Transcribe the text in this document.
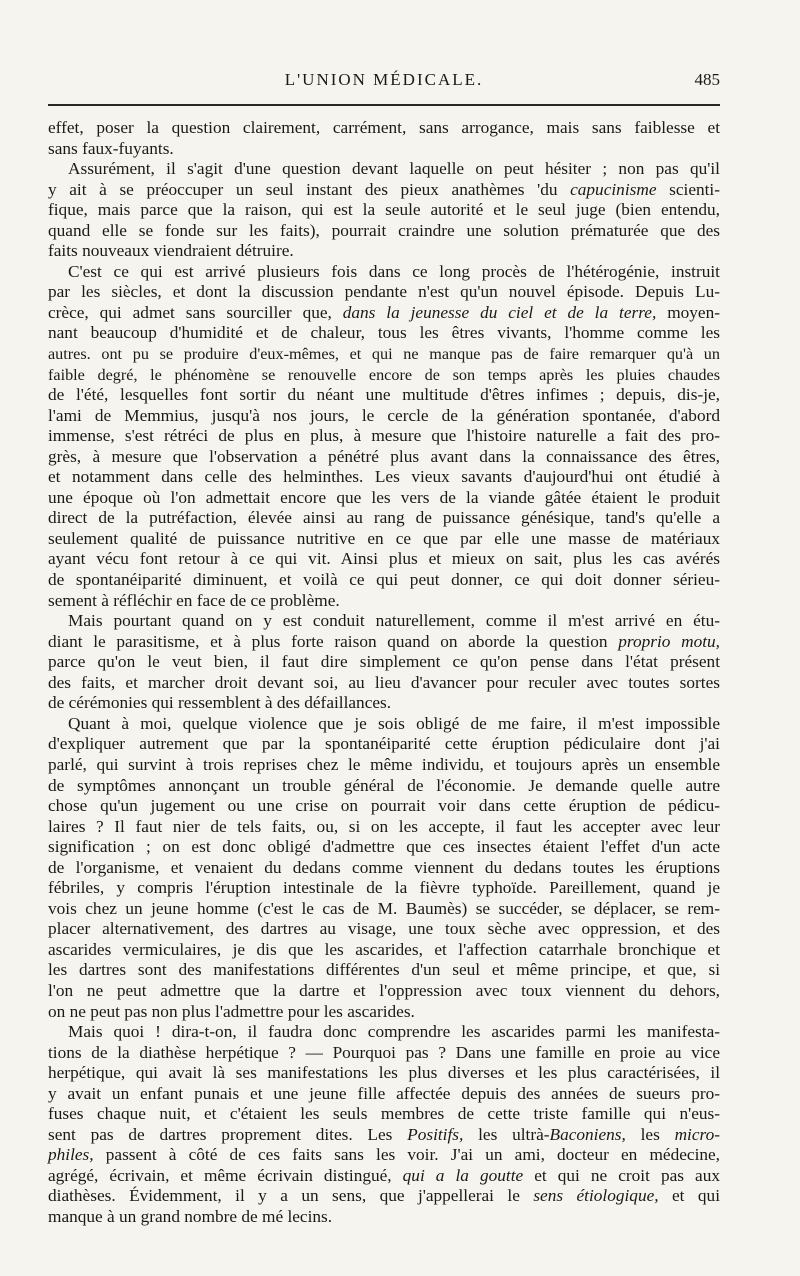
L'UNION MÉDICALE.	485
effet, poser la question clairement, carrément, sans arrogance, mais sans faiblesse et
sans faux-fuyants.
Assurément, il s'agit d'une question devant laquelle on peut hésiter ; non pas qu'il
y ait à se préoccuper un seul instant des pieux anathèmes 'du capucinisme scienti-
fique, mais parce que la raison, qui est la seule autorité et le seul juge (bien entendu,
quand elle se fonde sur les faits), pourrait craindre une solution prématurée que des
faits nouveaux viendraient détruire.
C'est ce qui est arrivé plusieurs fois dans ce long procès de l'hétérogénie, instruit
par les siècles, et dont la discussion pendante n'est qu'un nouvel épisode. Depuis Lu-
crèce, qui admet sans sourciller que, dans la jeunesse du ciel et de la terre, moyen-
nant beaucoup d'humidité et de chaleur, tous les êtres vivants, l'homme comme les
autres. ont pu se produire d'eux-mêmes, et qui ne manque pas de faire remarquer qu'à un
faible degré, le phénomène se renouvelle encore de son temps après les pluies chaudes
de l'été, lesquelles font sortir du néant une multitude d'êtres infimes ; depuis, dis-je,
l'ami de Memmius, jusqu'à nos jours, le cercle de la génération spontanée, d'abord
immense, s'est rétréci de plus en plus, à mesure que l'histoire naturelle a fait des pro-
grès, à mesure que l'observation a pénétré plus avant dans la connaissance des êtres,
et notamment dans celle des helminthes. Les vieux savants d'aujourd'hui ont étudié à
une époque où l'on admettait encore que les vers de la viande gâtée étaient le produit
direct de la putréfaction, élevée ainsi au rang de puissance génésique, tand's qu'elle a
seulement qualité de puissance nutritive en ce que par elle une masse de matériaux
ayant vécu font retour à ce qui vit. Ainsi plus et mieux on sait, plus les cas avérés
de spontanéiparité diminuent, et voilà ce qui peut donner, ce qui doit donner sérieu-
sement à réfléchir en face de ce problème.
Mais pourtant quand on y est conduit naturellement, comme il m'est arrivé en étu-
diant le parasitisme, et à plus forte raison quand on aborde la question proprio motu,
parce qu'on le veut bien, il faut dire simplement ce qu'on pense dans l'état présent
des faits, et marcher droit devant soi, au lieu d'avancer pour reculer avec toutes sortes
de cérémonies qui ressemblent à des défaillances.
Quant à moi, quelque violence que je sois obligé de me faire, il m'est impossible
d'expliquer autrement que par la spontanéiparité cette éruption pédiculaire dont j'ai
parlé, qui survint à trois reprises chez le même individu, et toujours après un ensemble
de symptômes annonçant un trouble général de l'économie. Je demande quelle autre
chose qu'un jugement ou une crise on pourrait voir dans cette éruption de pédicu-
laires ? Il faut nier de tels faits, ou, si on les accepte, il faut les accepter avec leur
signification ; on est donc obligé d'admettre que ces insectes étaient l'effet d'un acte
de l'organisme, et venaient du dedans comme viennent du dedans toutes les éruptions
fébriles, y compris l'éruption intestinale de la fièvre typhoïde. Pareillement, quand je
vois chez un jeune homme (c'est le cas de M. Baumès) se succéder, se déplacer, se rem-
placer alternativement, des dartres au visage, une toux sèche avec oppression, et des
ascarides vermiculaires, je dis que les ascarides, et l'affection catarrhale bronchique et
les dartres sont des manifestations différentes d'un seul et même principe, et que, si
l'on ne peut admettre que la dartre et l'oppression avec toux viennent du dehors,
on ne peut pas non plus l'admettre pour les ascarides.
Mais quoi ! dira-t-on, il faudra donc comprendre les ascarides parmi les manifesta-
tions de la diathèse herpétique ? — Pourquoi pas ? Dans une famille en proie au vice
herpétique, qui avait là ses manifestations les plus diverses et les plus caractérisées, il
y avait un enfant punais et une jeune fille affectée depuis des années de sueurs pro-
fuses chaque nuit, et c'étaient les seuls membres de cette triste famille qui n'eus-
sent pas de dartres proprement dites. Les Positifs, les ultrà-Baconiens, les micro-
philes, passent à côté de ces faits sans les voir. J'ai un ami, docteur en médecine,
agrégé, écrivain, et même écrivain distingué, qui a la goutte et qui ne croit pas aux
diathèses. Évidemment, il y a un sens, que j'appellerai le sens étiologique, et qui
manque à un grand nombre de mé lecins.
